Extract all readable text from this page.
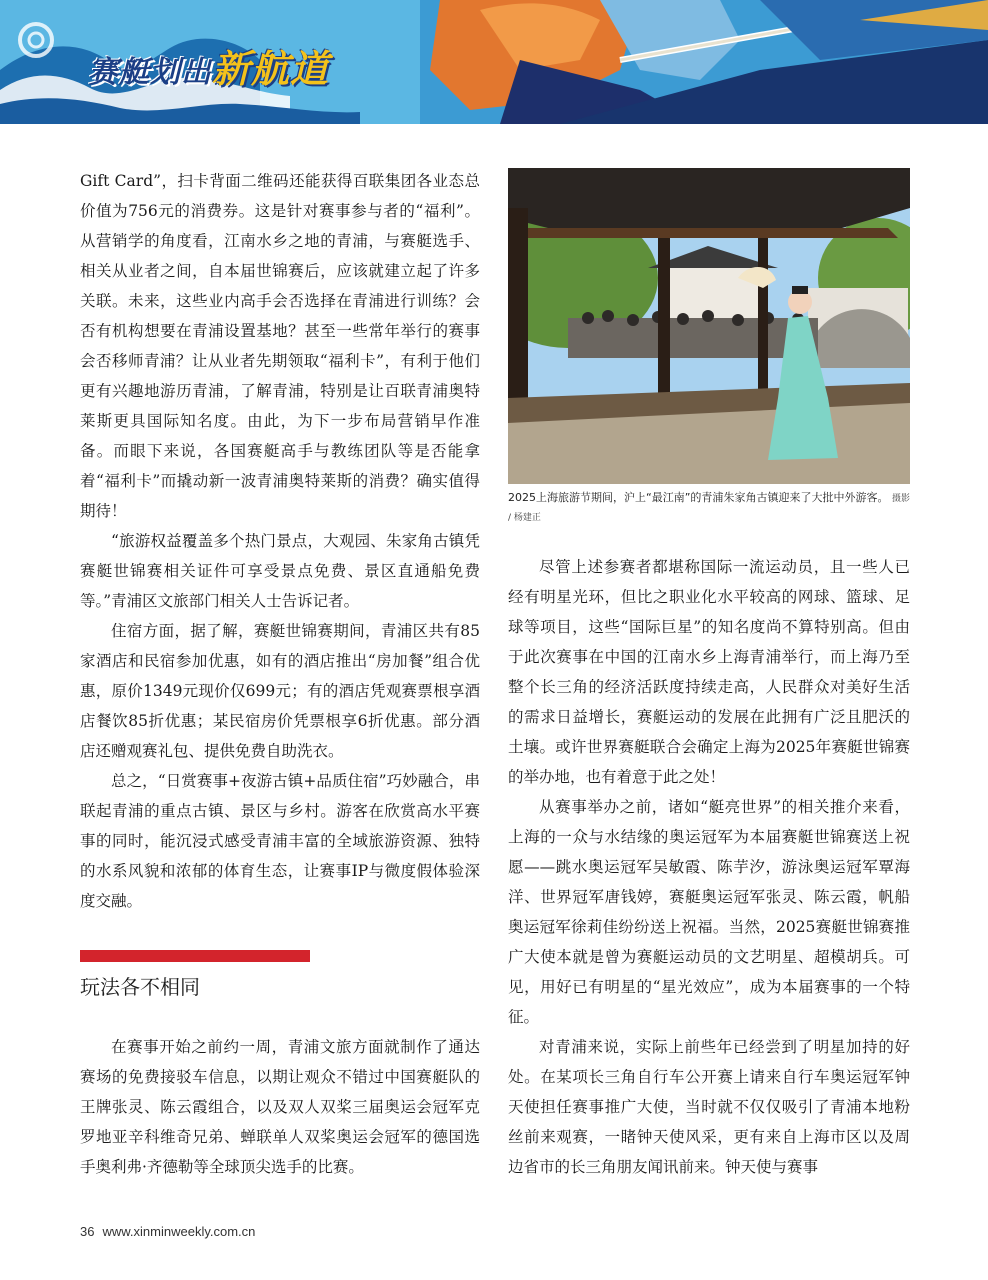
赛艇划出新航道

Gift Card”，扫卡背面二维码还能获得百联集团各业态总价值为756元的消费券。这是针对赛事参与者的“福利”。从营销学的角度看，江南水乡之地的青浦，与赛艇选手、相关从业者之间，自本届世锦赛后，应该就建立起了许多关联。未来，这些业内高手会否选择在青浦进行训练？会否有机构想要在青浦设置基地？甚至一些常年举行的赛事会否移师青浦？让从业者先期领取“福利卡”，有利于他们更有兴趣地游历青浦，了解青浦，特别是让百联青浦奥特莱斯更具国际知名度。由此，为下一步布局营销早作准备。而眼下来说，各国赛艇高手与教练团队等是否能拿着“福利卡”而撬动新一波青浦奥特莱斯的消费？确实值得期待！

“旅游权益覆盖多个热门景点，大观园、朱家角古镇凭赛艇世锦赛相关证件可享受景点免费、景区直通船免费等。”青浦区文旅部门相关人士告诉记者。

住宿方面，据了解，赛艇世锦赛期间，青浦区共有85家酒店和民宿参加优惠，如有的酒店推出“房加餐”组合优惠，原价1349元现价仅699元；有的酒店凭观赛票根享酒店餐饮85折优惠；某民宿房价凭票根享6折优惠。部分酒店还赠观赛礼包、提供免费自助洗衣。

总之，“日赏赛事+夜游古镇+品质住宿”巧妙融合，串联起青浦的重点古镇、景区与乡村。游客在欣赏高水平赛事的同时，能沉浸式感受青浦丰富的全域旅游资源、独特的水系风貌和浓郁的体育生态，让赛事IP与微度假体验深度交融。

玩法各不相同

在赛事开始之前约一周，青浦文旅方面就制作了通达赛场的免费接驳车信息，以期让观众不错过中国赛艇队的王牌张灵、陈云霞组合，以及双人双桨三届奥运会冠军克罗地亚辛科维奇兄弟、蝉联单人双桨奥运会冠军的德国选手奥利弗·齐德勒等全球顶尖选手的比赛。

2025上海旅游节期间，沪上“最江南”的青浦朱家角古镇迎来了大批中外游客。 摄影 / 杨建正

尽管上述参赛者都堪称国际一流运动员，且一些人已经有明星光环，但比之职业化水平较高的网球、篮球、足球等项目，这些“国际巨星”的知名度尚不算特别高。但由于此次赛事在中国的江南水乡上海青浦举行，而上海乃至整个长三角的经济活跃度持续走高，人民群众对美好生活的需求日益增长，赛艇运动的发展在此拥有广泛且肥沃的土壤。或许世界赛艇联合会确定上海为2025年赛艇世锦赛的举办地，也有着意于此之处！

从赛事举办之前，诸如“艇亮世界”的相关推介来看，上海的一众与水结缘的奥运冠军为本届赛艇世锦赛送上祝愿——跳水奥运冠军吴敏霞、陈芋汐，游泳奥运冠军覃海洋、世界冠军唐钱婷，赛艇奥运冠军张灵、陈云霞，帆船奥运冠军徐莉佳纷纷送上祝福。当然，2025赛艇世锦赛推广大使本就是曾为赛艇运动员的文艺明星、超模胡兵。可见，用好已有明星的“星光效应”，成为本届赛事的一个特征。

对青浦来说，实际上前些年已经尝到了明星加持的好处。在某项长三角自行车公开赛上请来自行车奥运冠军钟天使担任赛事推广大使，当时就不仅仅吸引了青浦本地粉丝前来观赛，一睹钟天使风采，更有来自上海市区以及周边省市的长三角朋友闻讯前来。钟天使与赛事

36 www.xinminweekly.com.cn
